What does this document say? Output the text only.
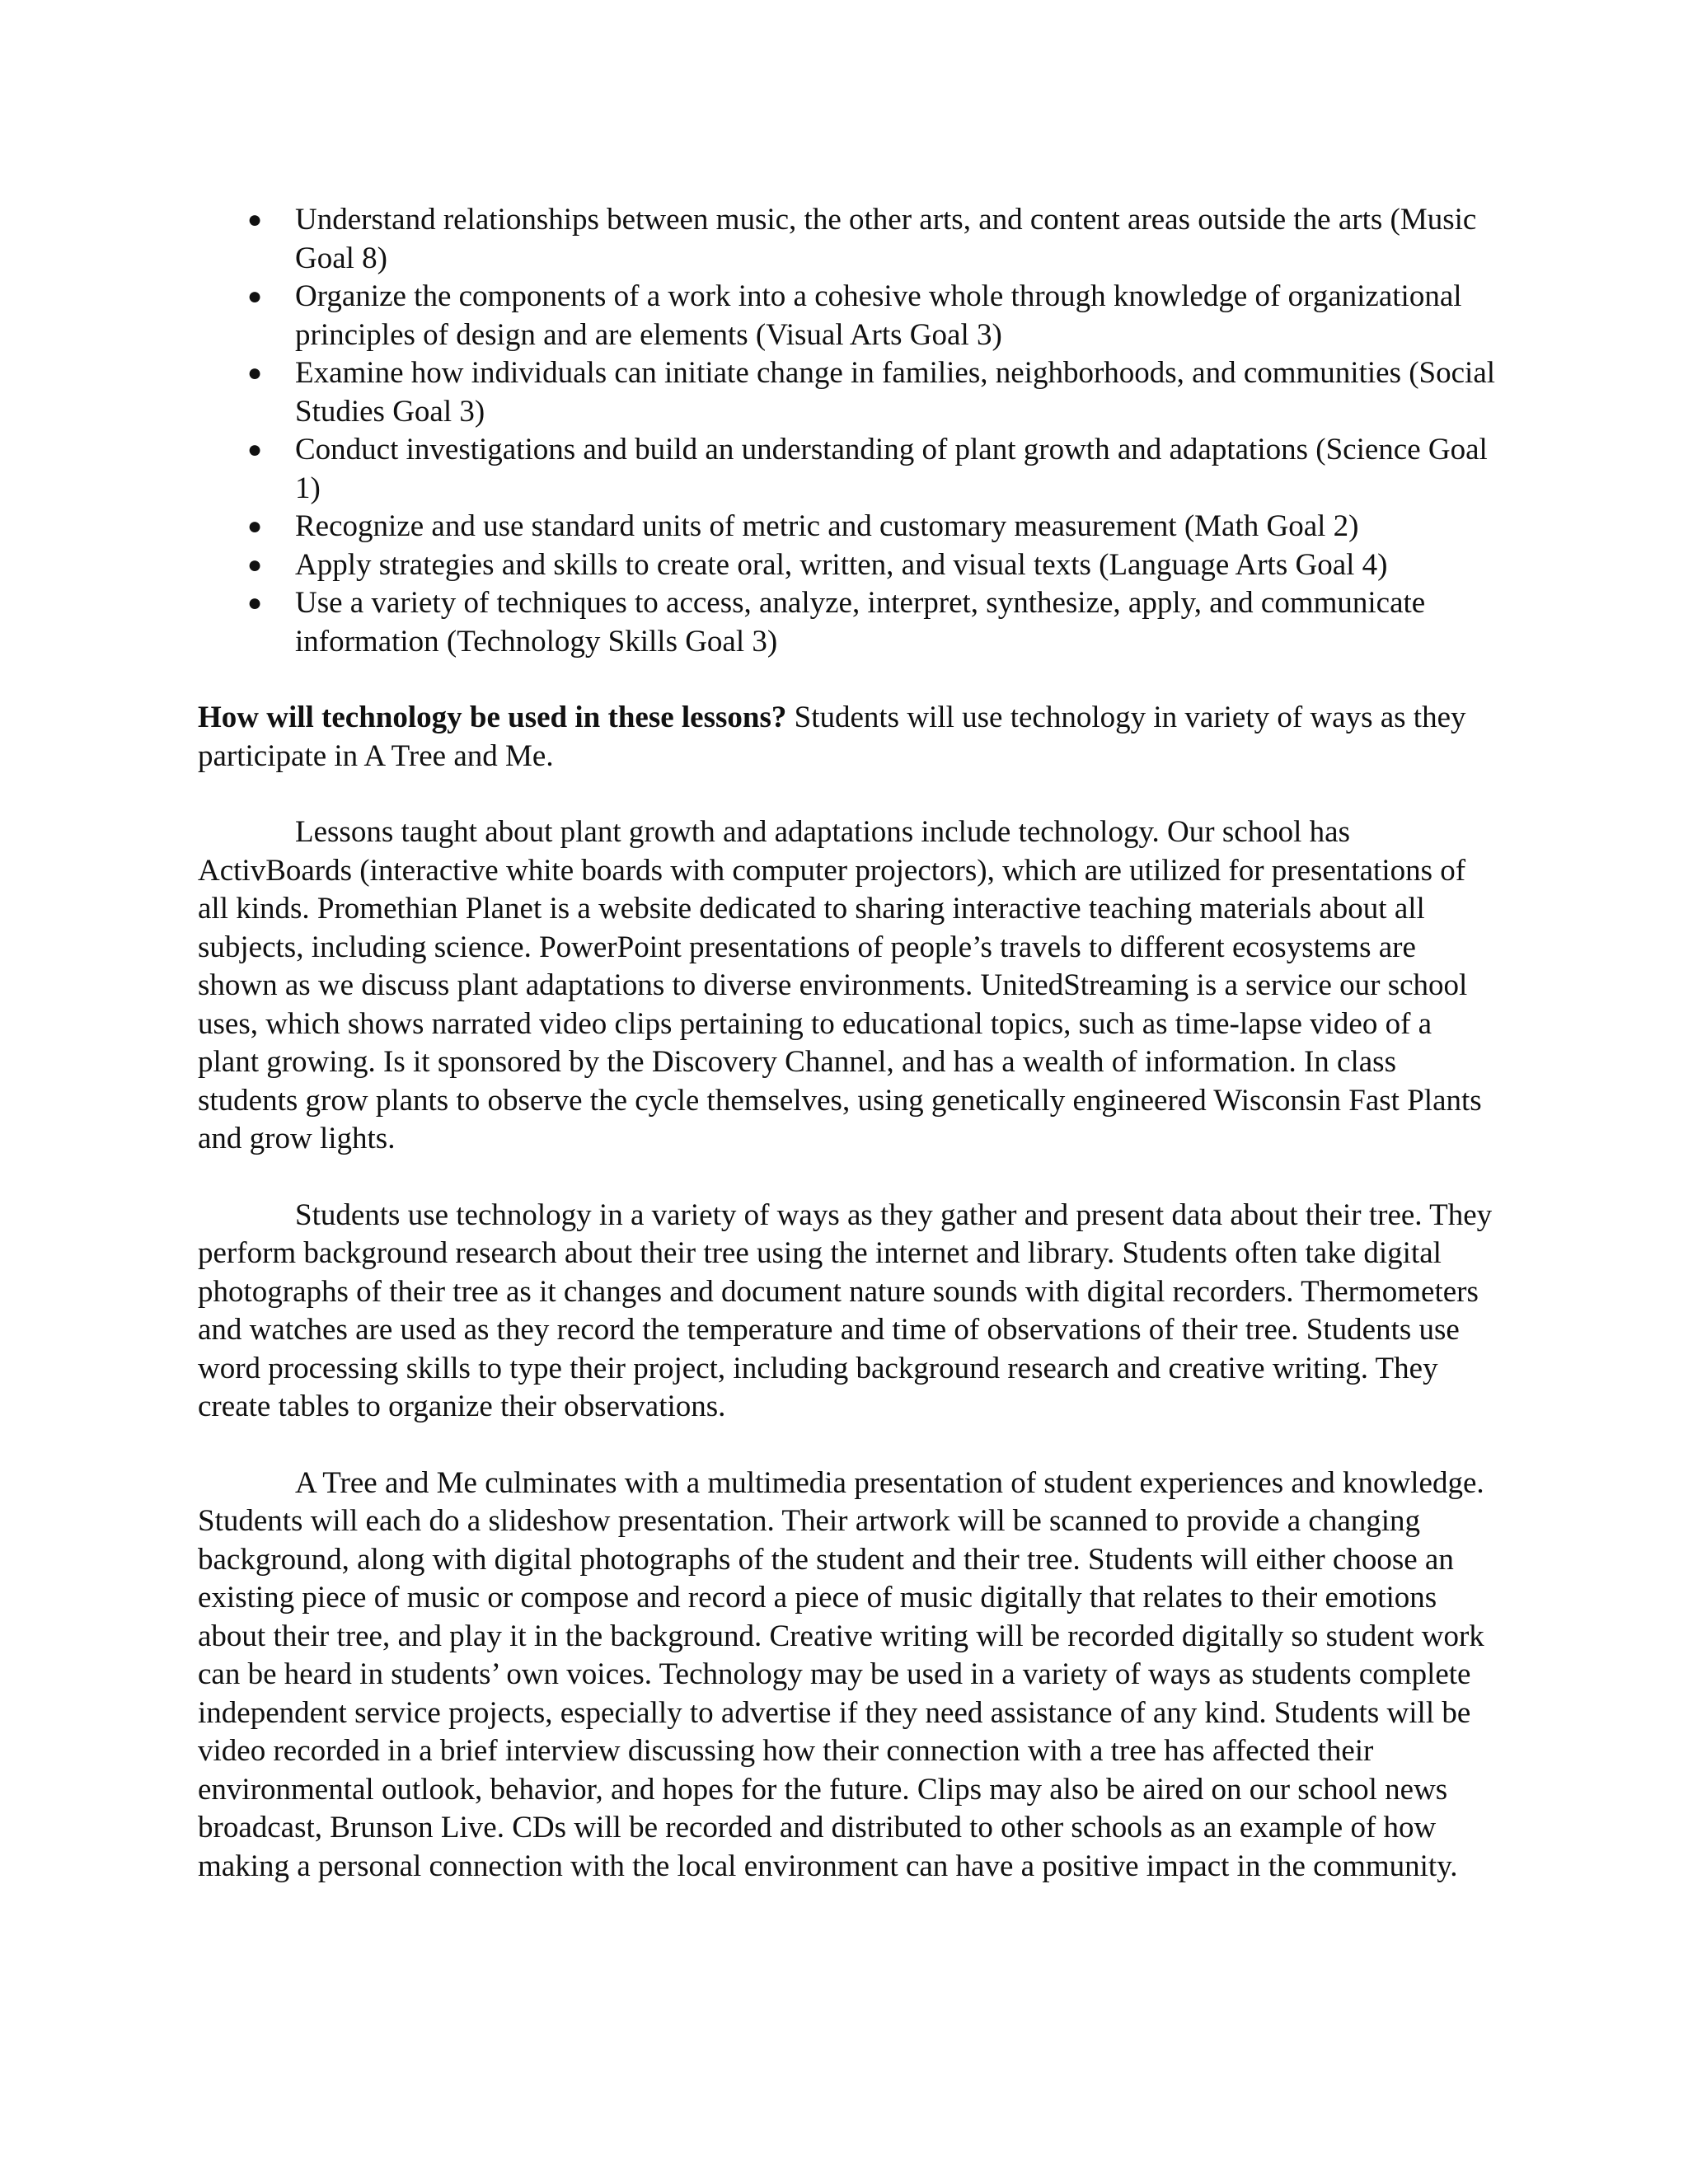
● Understand relationships between music, the other arts, and content areas outside the arts (Music Goal 8)
● Organize the components of a work into a cohesive whole through knowledge of organizational principles of design and are elements (Visual Arts Goal 3)
● Examine how individuals can initiate change in families, neighborhoods, and communities (Social Studies Goal 3)
● Conduct investigations and build an understanding of plant growth and adaptations (Science Goal 1)
● Recognize and use standard units of metric and customary measurement (Math Goal 2)
● Apply strategies and skills to create oral, written, and visual texts (Language Arts Goal 4)
● Use a variety of techniques to access, analyze, interpret, synthesize, apply, and communicate information (Technology Skills Goal 3)

How will technology be used in these lessons? Students will use technology in variety of ways as they participate in A Tree and Me.

Lessons taught about plant growth and adaptations include technology. Our school has ActivBoards (interactive white boards with computer projectors), which are utilized for presentations of all kinds. Promethian Planet is a website dedicated to sharing interactive teaching materials about all subjects, including science. PowerPoint presentations of people’s travels to different ecosystems are shown as we discuss plant adaptations to diverse environments. UnitedStreaming is a service our school uses, which shows narrated video clips pertaining to educational topics, such as time-lapse video of a plant growing. Is it sponsored by the Discovery Channel, and has a wealth of information. In class students grow plants to observe the cycle themselves, using genetically engineered Wisconsin Fast Plants and grow lights.

Students use technology in a variety of ways as they gather and present data about their tree. They perform background research about their tree using the internet and library. Students often take digital photographs of their tree as it changes and document nature sounds with digital recorders. Thermometers and watches are used as they record the temperature and time of observations of their tree. Students use word processing skills to type their project, including background research and creative writing. They create tables to organize their observations.

A Tree and Me culminates with a multimedia presentation of student experiences and knowledge. Students will each do a slideshow presentation. Their artwork will be scanned to provide a changing background, along with digital photographs of the student and their tree. Students will either choose an existing piece of music or compose and record a piece of music digitally that relates to their emotions about their tree, and play it in the background. Creative writing will be recorded digitally so student work can be heard in students’ own voices. Technology may be used in a variety of ways as students complete independent service projects, especially to advertise if they need assistance of any kind. Students will be video recorded in a brief interview discussing how their connection with a tree has affected their environmental outlook, behavior, and hopes for the future. Clips may also be aired on our school news broadcast, Brunson Live. CDs will be recorded and distributed to other schools as an example of how making a personal connection with the local environment can have a positive impact in the community.
